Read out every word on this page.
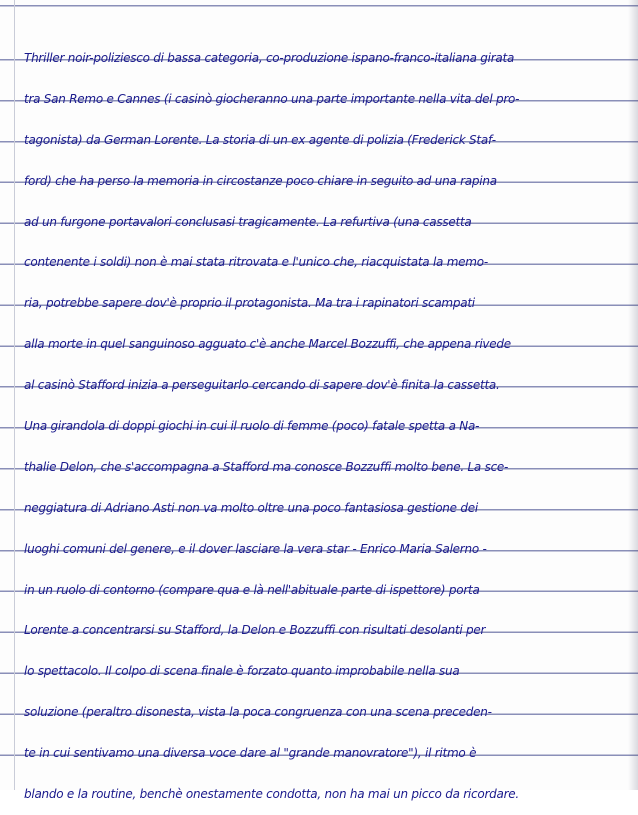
Thriller noir-poliziesco di bassa categoria, co-produzione ispano-franco-italiana girata
tra San Remo e Cannes (i casinò giocheranno una parte importante nella vita del pro-
tagonista) da German Lorente. La storia di un ex agente di polizia (Frederick Staf-
ford) che ha perso la memoria in circostanze poco chiare in seguito ad una rapina
ad un furgone portavalori conclusasi tragicamente. La refurtiva (una cassetta
contenente i soldi) non è mai stata ritrovata e l'unico che, riacquistata la memo-
ria, potrebbe sapere dov'è proprio il protagonista. Ma tra i rapinatori scampati
alla morte in quel sanguinoso agguato c'è anche Marcel Bozzuffi, che appena rivede
al casinò Stafford inizia a perseguitarlo cercando di sapere dov'è finita la cassetta.
Una girandola di doppi giochi in cui il ruolo di femme (poco) fatale spetta a Na-
thalie Delon, che s'accompagna a Stafford ma conosce Bozzuffi molto bene. La sce-
neggiatura di Adriano Asti non va molto oltre una poco fantasiosa gestione dei
luoghi comuni del genere, e il dover lasciare la vera star - Enrico Maria Salerno -
in un ruolo di contorno (compare qua e là nell'abituale parte di ispettore) porta
Lorente a concentrarsi su Stafford, la Delon e Bozzuffi con risultati desolanti per
lo spettacolo. Il colpo di scena finale è forzato quanto improbabile nella sua
soluzione (peraltro disonesta, vista la poca congruenza con una scena preceden-
te in cui sentivamo una diversa voce dare al "grande manovratore"), il ritmo è
blando e la routine, benchè onestamente condotta, non ha mai un picco da ricordare.
